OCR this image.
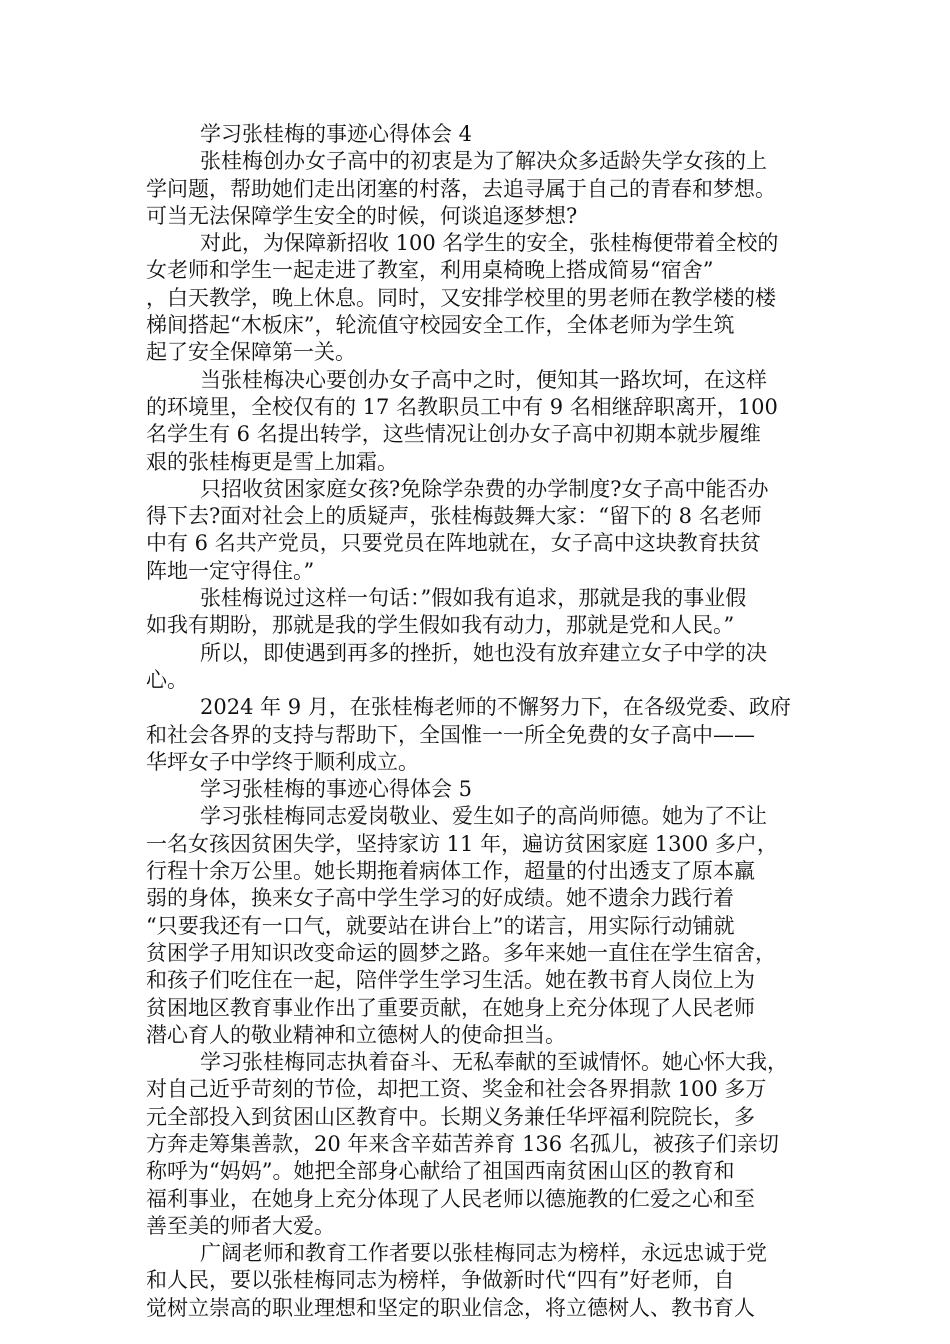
学习张桂梅的事迹心得体会 4
张桂梅创办女子高中的初衷是为了解决众多适龄失学女孩的上
学问题，帮助她们走出闭塞的村落，去追寻属于自己的青春和梦想。
可当无法保障学生安全的时候，何谈追逐梦想?
对此，为保障新招收 100 名学生的安全，张桂梅便带着全校的
女老师和学生一起走进了教室，利用桌椅晚上搭成简易“宿舍”
，白天教学，晚上休息。同时，又安排学校里的男老师在教学楼的楼
梯间搭起“木板床”，轮流值守校园安全工作，全体老师为学生筑
起了安全保障第一关。
当张桂梅决心要创办女子高中之时，便知其一路坎坷，在这样
的环境里，全校仅有的 17 名教职员工中有 9 名相继辞职离开，100
名学生有 6 名提出转学，这些情况让创办女子高中初期本就步履维
艰的张桂梅更是雪上加霜。
只招收贫困家庭女孩?免除学杂费的办学制度?女子高中能否办
得下去?面对社会上的质疑声，张桂梅鼓舞大家：“留下的 8 名老师
中有 6 名共产党员，只要党员在阵地就在，女子高中这块教育扶贫
阵地一定守得住。”
张桂梅说过这样一句话：”假如我有追求，那就是我的事业假
如我有期盼，那就是我的学生假如我有动力，那就是党和人民。”
所以，即使遇到再多的挫折，她也没有放弃建立女子中学的决
心。
2024 年 9 月，在张桂梅老师的不懈努力下，在各级党委、政府
和社会各界的支持与帮助下，全国惟一一所全免费的女子高中——
华坪女子中学终于顺利成立。
学习张桂梅的事迹心得体会 5
学习张桂梅同志爱岗敬业、爱生如子的高尚师德。她为了不让
一名女孩因贫困失学，坚持家访 11 年，遍访贫困家庭 1300 多户，
行程十余万公里。她长期拖着病体工作，超量的付出透支了原本羸
弱的身体，换来女子高中学生学习的好成绩。她不遗余力践行着
“只要我还有一口气，就要站在讲台上”的诺言，用实际行动铺就
贫困学子用知识改变命运的圆梦之路。多年来她一直住在学生宿舍，
和孩子们吃住在一起，陪伴学生学习生活。她在教书育人岗位上为
贫困地区教育事业作出了重要贡献，在她身上充分体现了人民老师
潜心育人的敬业精神和立德树人的使命担当。
学习张桂梅同志执着奋斗、无私奉献的至诚情怀。她心怀大我，
对自己近乎苛刻的节俭，却把工资、奖金和社会各界捐款 100 多万
元全部投入到贫困山区教育中。长期义务兼任华坪福利院院长，多
方奔走筹集善款，20 年来含辛茹苦养育 136 名孤儿，被孩子们亲切
称呼为“妈妈”。她把全部身心献给了祖国西南贫困山区的教育和
福利事业，在她身上充分体现了人民老师以德施教的仁爱之心和至
善至美的师者大爱。
广阔老师和教育工作者要以张桂梅同志为榜样，永远忠诚于党
和人民，要以张桂梅同志为榜样，争做新时代“四有”好老师，自
觉树立崇高的职业理想和坚定的职业信念，将立德树人、教书育人
